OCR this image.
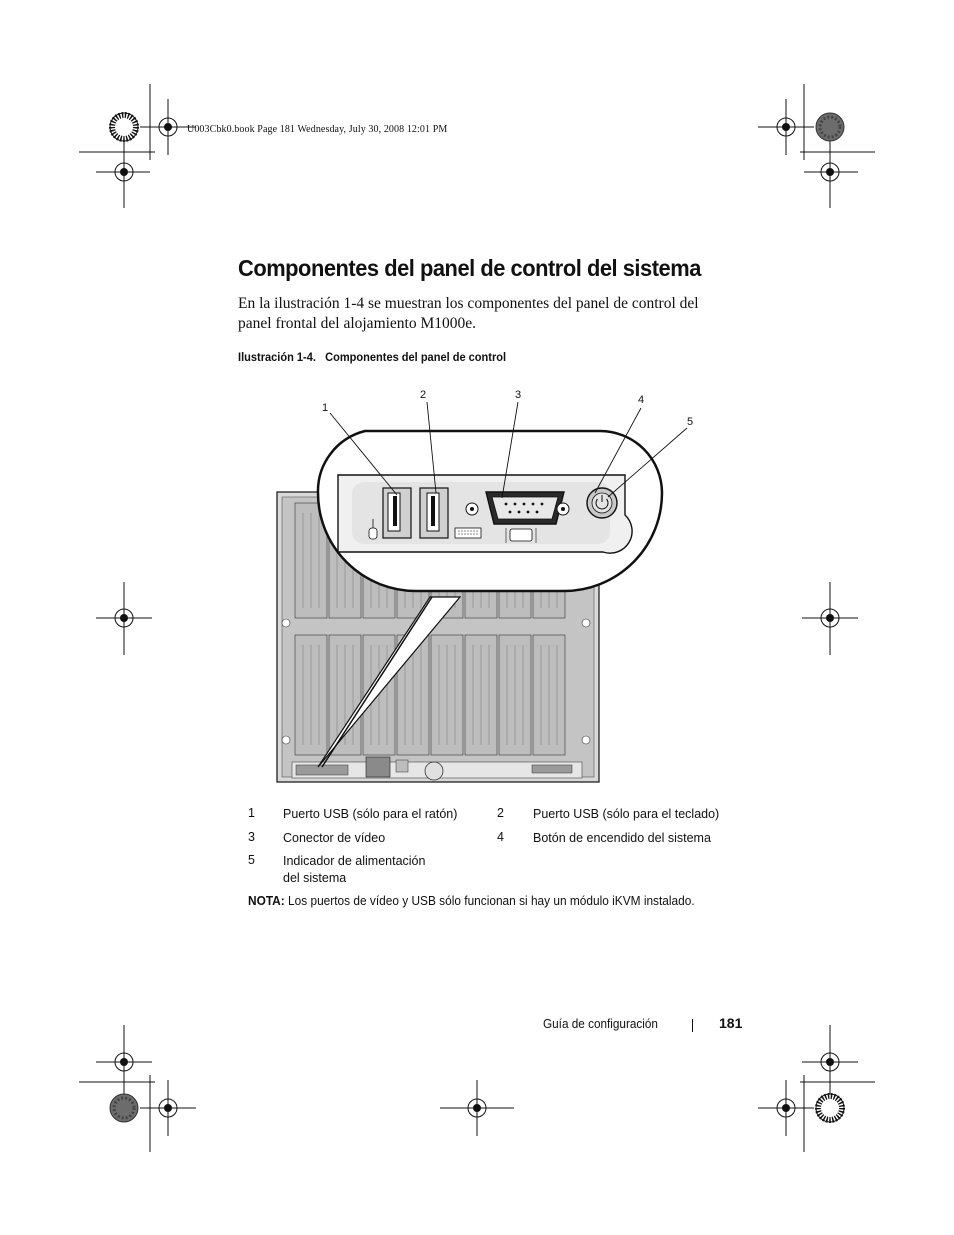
U003Cbk0.book Page 181 Wednesday, July 30, 2008 12:01 PM
Componentes del panel de control del sistema
En la ilustración 1-4 se muestran los componentes del panel de control del panel frontal del alojamiento M1000e.
Ilustración 1-4. Componentes del panel de control
1
2	3	4
5
1 Puerto USB (sólo para el ratón)	2 Puerto USB (sólo para el teclado)
3 Conector de vídeo	4 Botón de encendido del sistema
5 Indicador de alimentación
del sistema
NOTA: Los puertos de vídeo y USB sólo funcionan si hay un módulo iKVM instalado.
Guía de configuración	181
